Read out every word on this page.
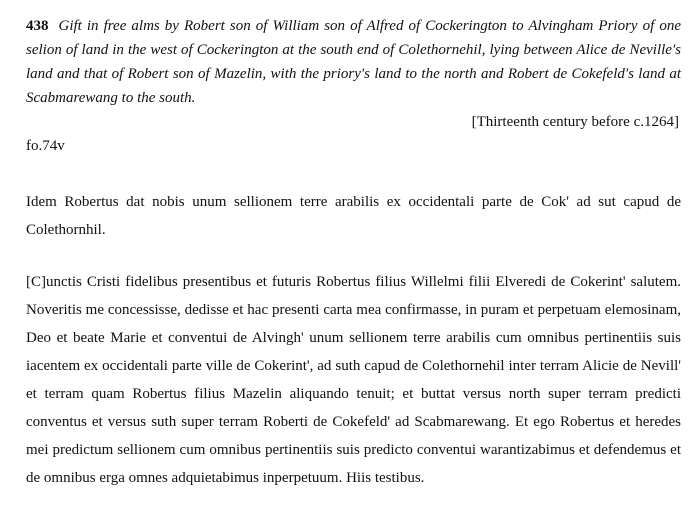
438 Gift in free alms by Robert son of William son of Alfred of Cockerington to Alvingham Priory of one selion of land in the west of Cockerington at the south end of Colethornehil, lying between Alice de Neville's land and that of Robert son of Mazelin, with the priory's land to the north and Robert de Cokefeld's land at Scabmarewang to the south.

[Thirteenth century before c.1264]

fo.74v

Idem Robertus dat nobis unum sellionem terre arabilis ex occidentali parte de Cok' ad sut capud de Colethornhil.

[C]unctis Cristi fidelibus presentibus et futuris Robertus filius Willelmi filii Elveredi de Cokerint' salutem. Noveritis me concessisse, dedisse et hac presenti carta mea confirmasse, in puram et perpetuam elemosinam, Deo et beate Marie et conventui de Alvingh' unum sellionem terre arabilis cum omnibus pertinentiis suis iacentem ex occidentali parte ville de Cokerint', ad suth capud de Colethornehil inter terram Alicie de Nevill' et terram quam Robertus filius Mazelin aliquando tenuit; et buttat versus north super terram predicti conventus et versus suth super terram Roberti de Cokefeld' ad Scabmarewang. Et ego Robertus et heredes mei predictum sellionem cum omnibus pertinentiis suis predicto conventui warantizabimus et defendemus et de omnibus erga omnes adquietabimus inperpetuum. Hiis testibus.
